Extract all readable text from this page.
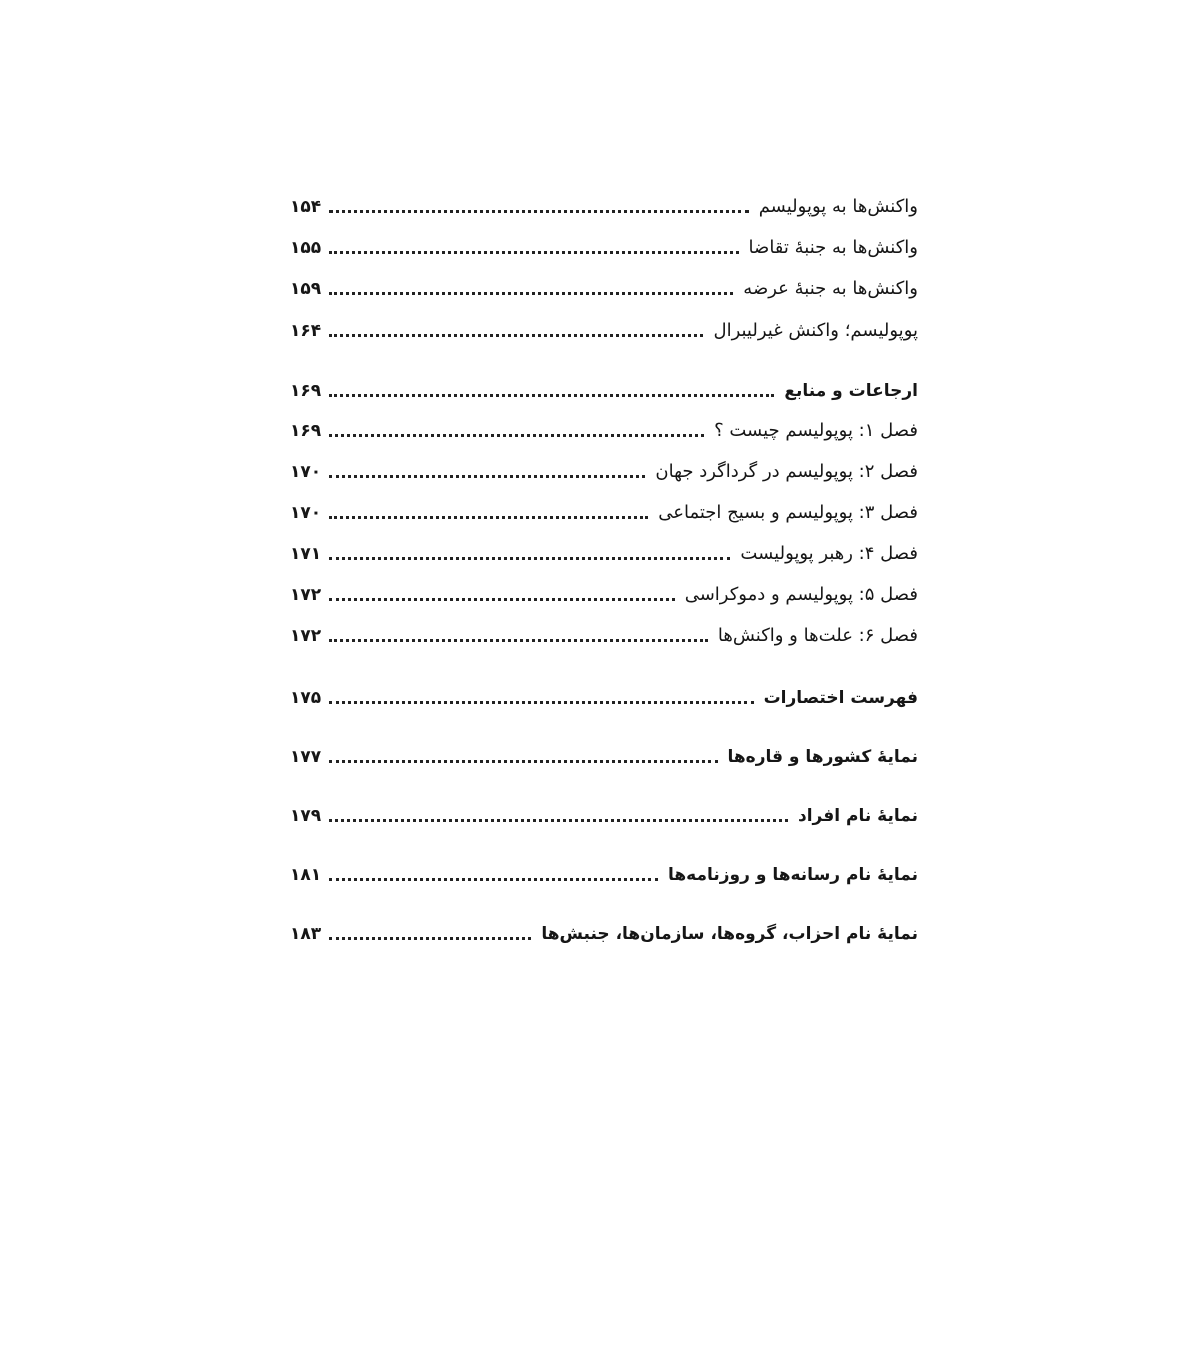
واکنش‌ها به پوپولیسم
۱۵۴
واکنش‌ها به جنبهٔ تقاضا
۱۵۵
واکنش‌ها به جنبهٔ عرضه
۱۵۹
پوپولیسم؛ واکنش غیرلیبرال
۱۶۴
ارجاعات و منابع
۱۶۹
فصل ۱: پوپولیسم چیست ؟
۱۶۹
فصل ۲: پوپولیسم در گرداگرد جهان
۱۷۰
فصل ۳: پوپولیسم و بسیج اجتماعی
۱۷۰
فصل ۴: رهبر پوپولیست
۱۷۱
فصل ۵: پوپولیسم و دموکراسی
۱۷۲
فصل ۶: علت‌ها و واکنش‌ها
۱۷۲
فهرست اختصارات
۱۷۵
نمایهٔ کشورها و قاره‌ها
۱۷۷
نمایهٔ نام افراد
۱۷۹
نمایهٔ نام رسانه‌ها و روزنامه‌ها
۱۸۱
نمایهٔ نام احزاب، گروه‌ها، سازمان‌ها، جنبش‌ها
۱۸۳
